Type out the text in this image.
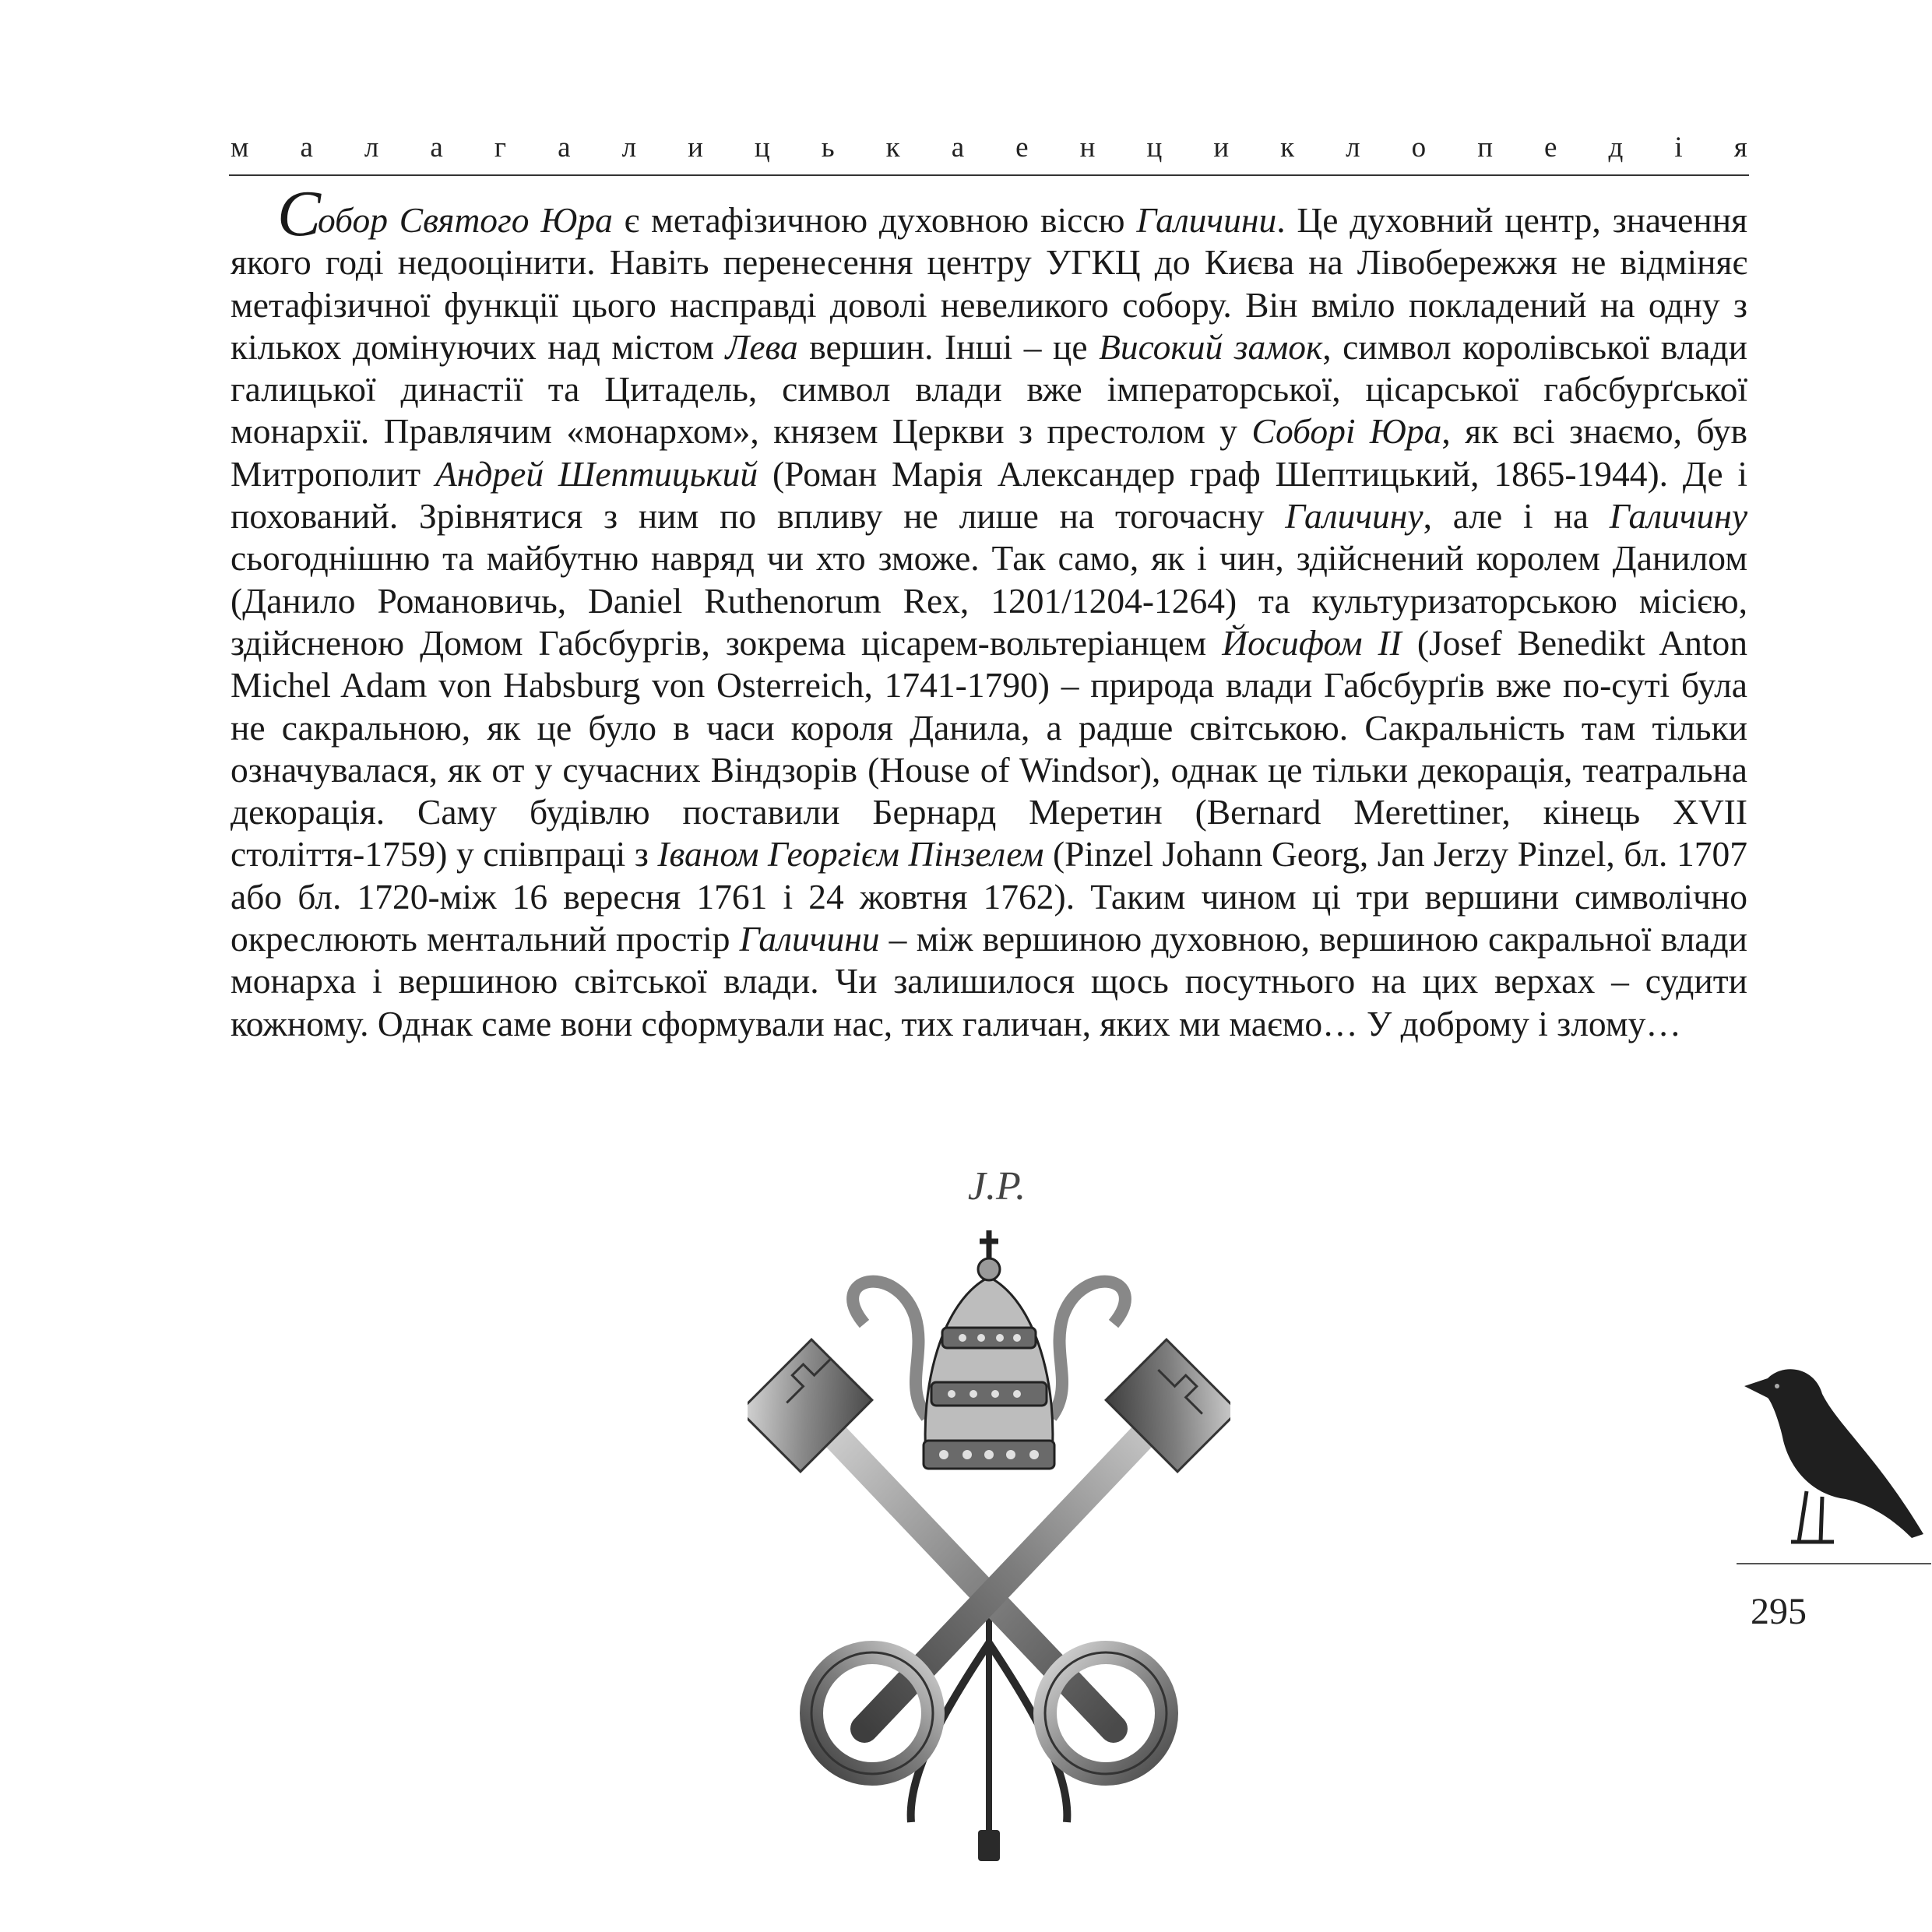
м а л а г а л и ц ь к а е н ц и к л о п е д і я

Собор Святого Юра є метафізичною духовною віссю Галичини. Це духовний центр, значення якого годі недооцінити. Навіть перенесення центру УГКЦ до Києва на Лівобережжя не відміняє метафізичної функції цього насправді доволі невеликого собору. Він вміло покладений на одну з кількох домінуючих над містом Лева вершин. Інші – це Високий замок, символ королівської влади галицької династії та Цитадель, символ влади вже імператорської, цісарської габсбурґської монархії. Правлячим «монархом», князем Церкви з престолом у Соборі Юра, як всі знаємо, був Митрополит Андрей Шептицький (Роман Марія Александер граф Шептицький, 1865-1944). Де і похований. Зрівнятися з ним по впливу не лише на тогочасну Галичину, але і на Галичину сьогоднішню та майбутню навряд чи хто зможе. Так само, як і чин, здійснений королем Данилом (Данило Романовичь, Daniel Ruthenorum Rex, 1201/1204-1264) та культуризаторською місією, здійсненою Домом Габсбургів, зокрема цісарем-вольтеріанцем Йосифом II (Josef Benedikt Anton Michel Adam von Habsburg von Osterreich, 1741-1790) – природа влади Габсбурґів вже по-суті була не сакральною, як це було в часи короля Данила, а радше світською. Сакральність там тільки означувалася, як от у сучасних Віндзорів (House of Windsor), однак це тільки декорація, театральна декорація. Саму будівлю поставили Бернард Меретин (Bernard Merettiner, кінець XVII століття-1759) у співпраці з Іваном Георгієм Пінзелем (Pinzel Johann Georg, Jan Jerzy Pinzel, бл. 1707 або бл. 1720-між 16 вересня 1761 і 24 жовтня 1762). Таким чином ці три вершини символічно окреслюють ментальний простір Галичини – між вершиною духовною, вершиною сакральної влади монарха і вершиною світської влади. Чи залишилося щось посутнього на цих верхах – судити кожному. Однак саме вони сформували нас, тих галичан, яких ми маємо… У доброму і злому…

J.P.
295
